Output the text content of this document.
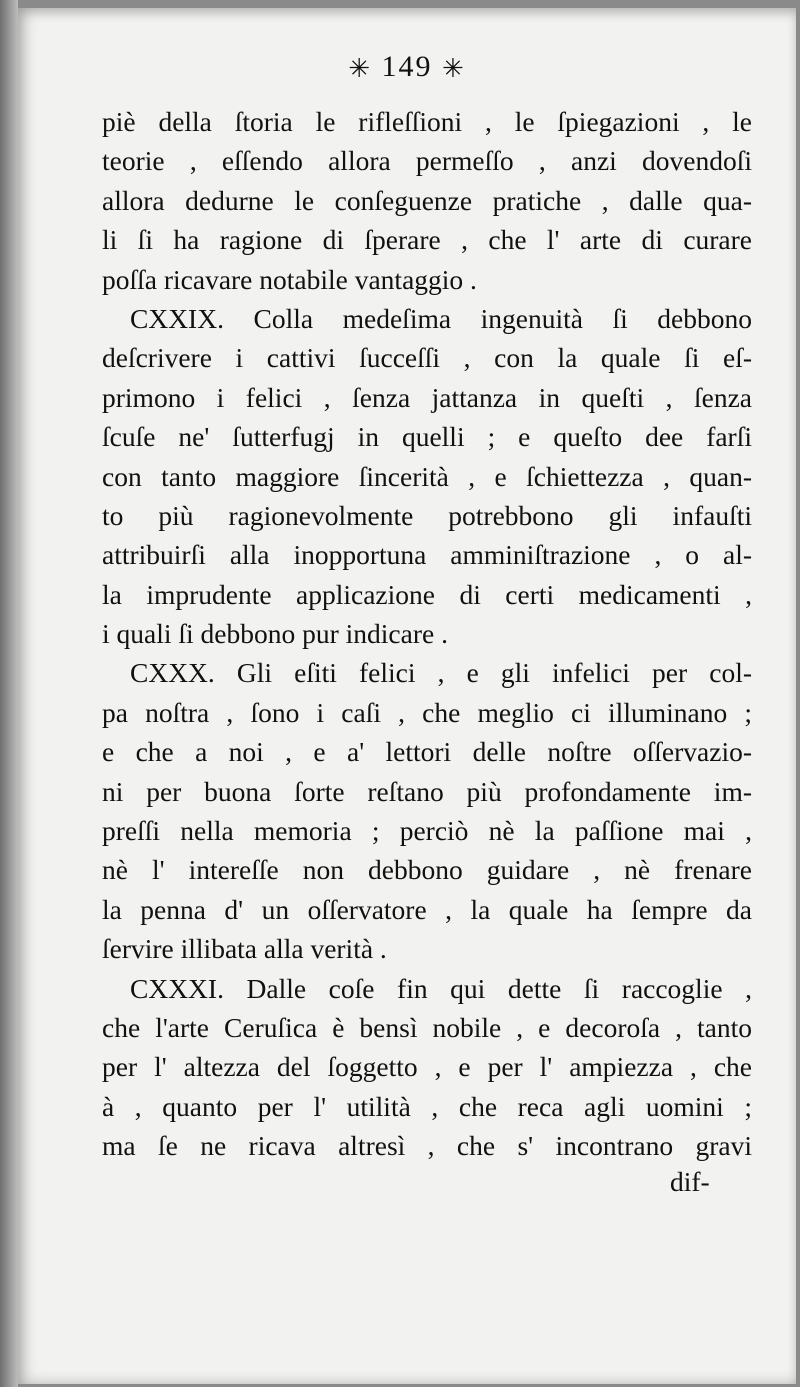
✳ 149 ✳
piè della ſtoria le rifleſſioni , le ſpiegazioni , le
teorie , eſſendo allora permeſſo , anzi dovendoſi
allora dedurne le conſeguenze pratiche , dalle qua-
li ſi ha ragione di ſperare , che l' arte di curare
poſſa ricavare notabile vantaggio .
CXXIX. Colla medeſima ingenuità ſi debbono
deſcrivere i cattivi ſucceſſi , con la quale ſi eſ-
primono i felici , ſenza jattanza in queſti , ſenza
ſcuſe ne' ſutterfugj in quelli ; e queſto dee farſi
con tanto maggiore ſincerità , e ſchiettezza , quan-
to più ragionevolmente potrebbono gli infauſti
attribuirſi alla inopportuna amminiſtrazione , o al-
la imprudente applicazione di certi medicamenti ,
i quali ſi debbono pur indicare .
CXXX. Gli eſiti felici , e gli infelici per col-
pa noſtra , ſono i caſi , che meglio ci illuminano ;
e che a noi , e a' lettori delle noſtre oſſervazio-
ni per buona ſorte reſtano più profondamente im-
preſſi nella memoria ; perciò nè la paſſione mai ,
nè l' intereſſe non debbono guidare , nè frenare
la penna d' un oſſervatore , la quale ha ſempre da
ſervire illibata alla verità .
CXXXI. Dalle coſe fin qui dette ſi raccoglie ,
che l'arte Ceruſica è bensì nobile , e decoroſa , tanto
per l' altezza del ſoggetto , e per l' ampiezza , che
à , quanto per l' utilità , che reca agli uomini ;
ma ſe ne ricava altresì , che s' incontrano gravi
dif-
